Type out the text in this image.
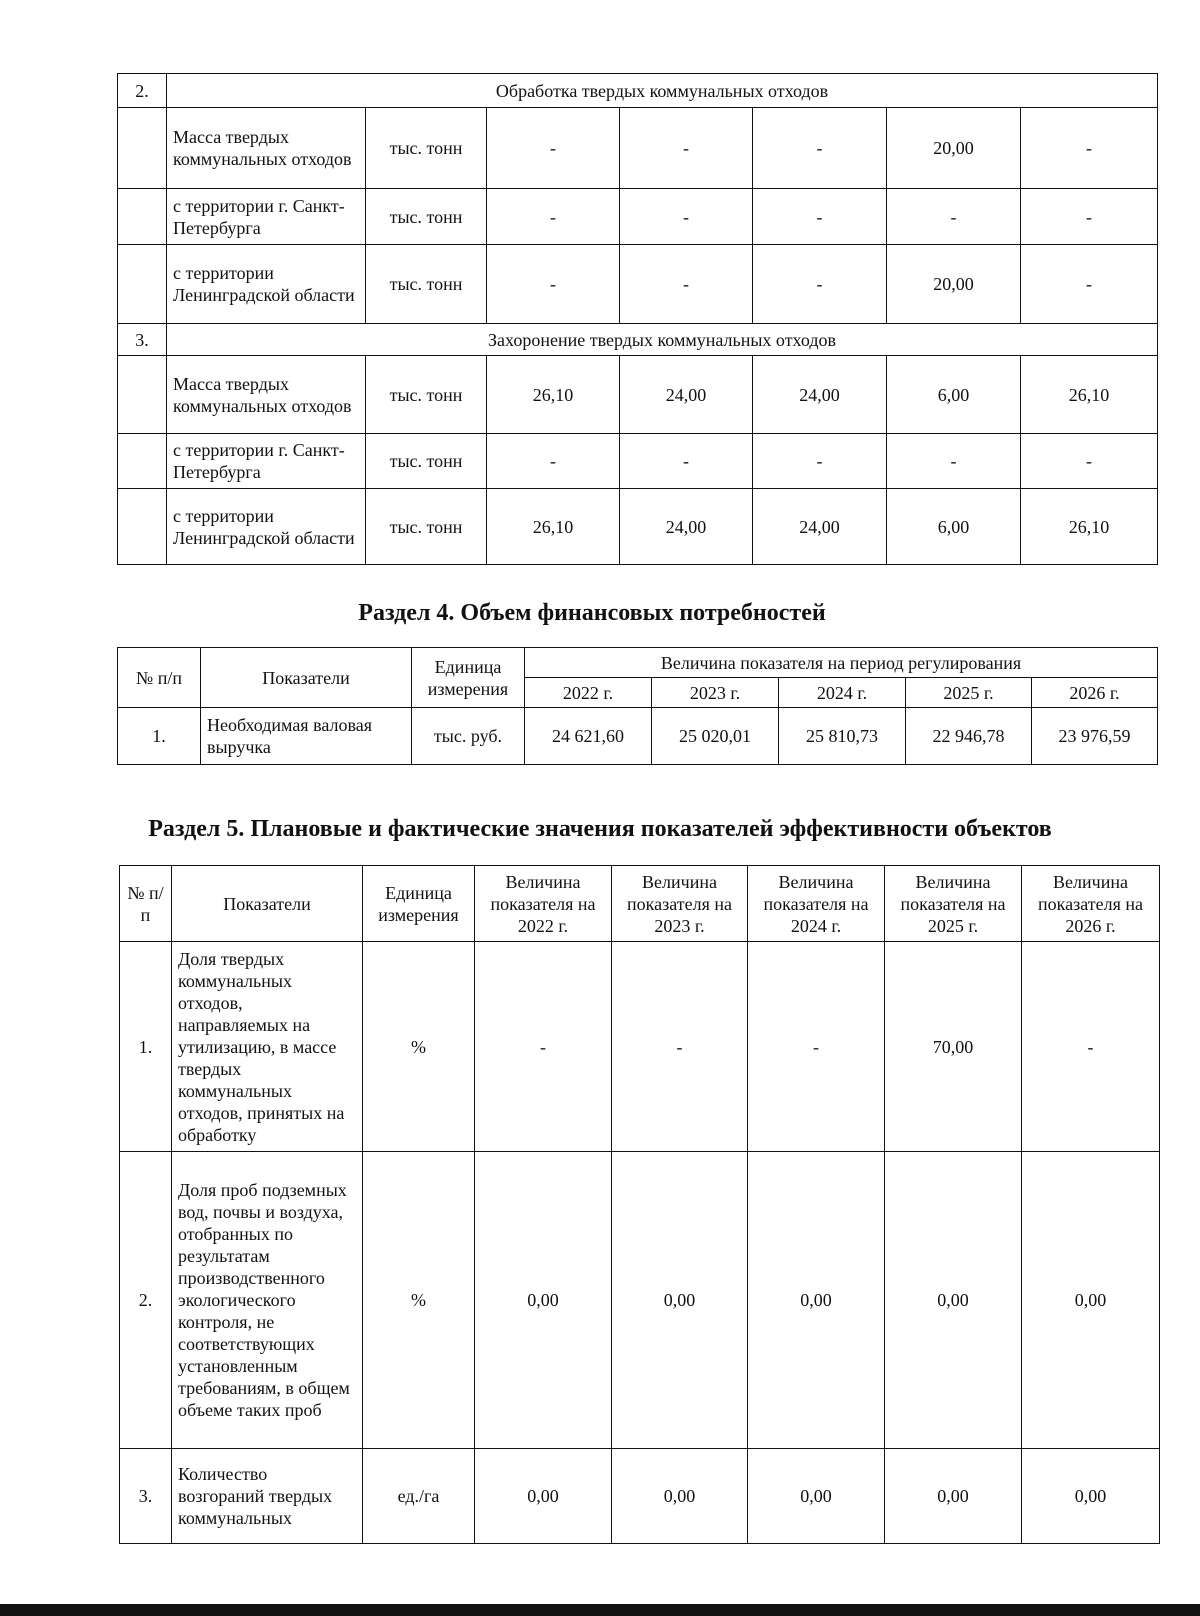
2.	Обработка твердых коммунальных отходов						
	Масса твердых коммунальных отходов	тыс. тонн	-	-	-	20,00	-
	с территории г. Санкт-Петербурга	тыс. тонн	-	-	-	-	-
	с территории Ленинградской области	тыс. тонн	-	-	-	20,00	-
3.	Захоронение твердых коммунальных отходов						
	Масса твердых коммунальных отходов	тыс. тонн	26,10	24,00	24,00	6,00	26,10
	с территории г. Санкт-Петербурга	тыс. тонн	-	-	-	-	-
	с территории Ленинградской области	тыс. тонн	26,10	24,00	24,00	6,00	26,10
Раздел 4. Объем финансовых потребностей
№ п/п	Показатели	Единица измерения	Величина показателя на период регулирования				
			2022 г.	2023 г.	2024 г.	2025 г.	2026 г.
1.	Необходимая валовая выручка	тыс. руб.	24 621,60	25 020,01	25 810,73	22 946,78	23 976,59
Раздел 5. Плановые и фактические значения показателей эффективности объектов
№ п/п	Показатели	Единица измерения	Величина показателя на 2022 г.	Величина показателя на 2023 г.	Величина показателя на 2024 г.	Величина показателя на 2025 г.	Величина показателя на 2026 г.
1.	Доля твердых коммунальных отходов, направляемых на утилизацию, в массе твердых коммунальных отходов, принятых на обработку	%	-	-	-	70,00	-
2.	Доля проб подземных вод, почвы и воздуха, отобранных по результатам производственного экологического контроля, не соответствующих установленным требованиям, в общем объеме таких проб	%	0,00	0,00	0,00	0,00	0,00
3.	Количество возгораний твердых коммунальных	ед./га	0,00	0,00	0,00	0,00	0,00
